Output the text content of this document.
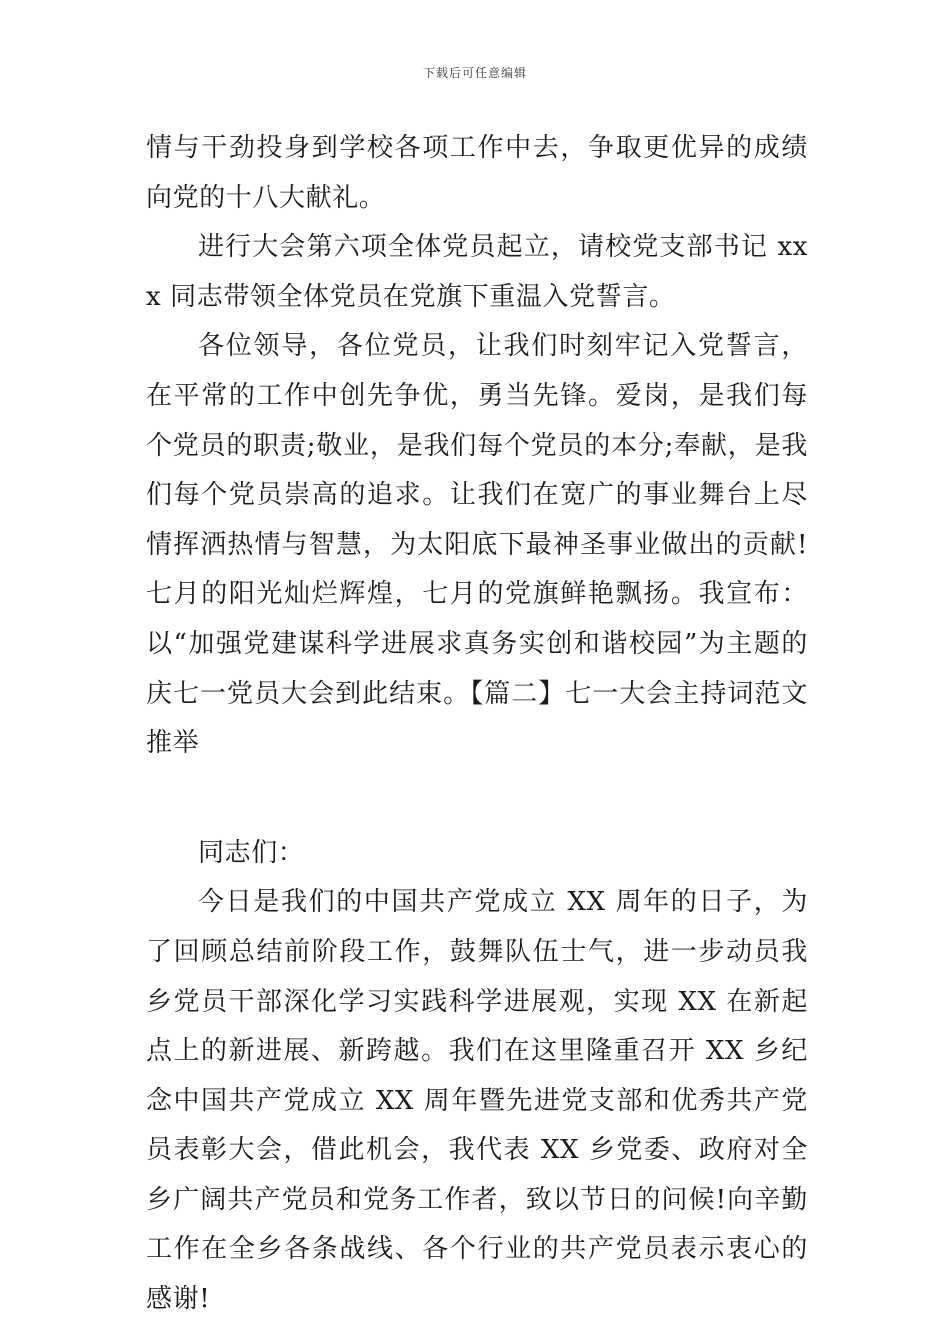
下载后可任意编辑

情与干劲投身到学校各项工作中去，争取更优异的成绩向党的十八大献礼。

进行大会第六项全体党员起立，请校党支部书记 xxx 同志带领全体党员在党旗下重温入党誓言。

各位领导，各位党员，让我们时刻牢记入党誓言，在平常的工作中创先争优，勇当先锋。爱岗，是我们每个党员的职责;敬业，是我们每个党员的本分;奉献，是我们每个党员崇高的追求。让我们在宽广的事业舞台上尽情挥洒热情与智慧，为太阳底下最神圣事业做出的贡献!七月的阳光灿烂辉煌，七月的党旗鲜艳飘扬。我宣布：以“加强党建谋科学进展求真务实创和谐校园”为主题的庆七一党员大会到此结束。【篇二】七一大会主持词范文推举

同志们：

今日是我们的中国共产党成立 XX 周年的日子，为了回顾总结前阶段工作，鼓舞队伍士气，进一步动员我乡党员干部深化学习实践科学进展观，实现 XX 在新起点上的新进展、新跨越。我们在这里隆重召开 XX 乡纪念中国共产党成立 XX 周年暨先进党支部和优秀共产党员表彰大会，借此机会，我代表 XX 乡党委、政府对全乡广阔共产党员和党务工作者，致以节日的问候!向辛勤工作在全乡各条战线、各个行业的共产党员表示衷心的感谢!
